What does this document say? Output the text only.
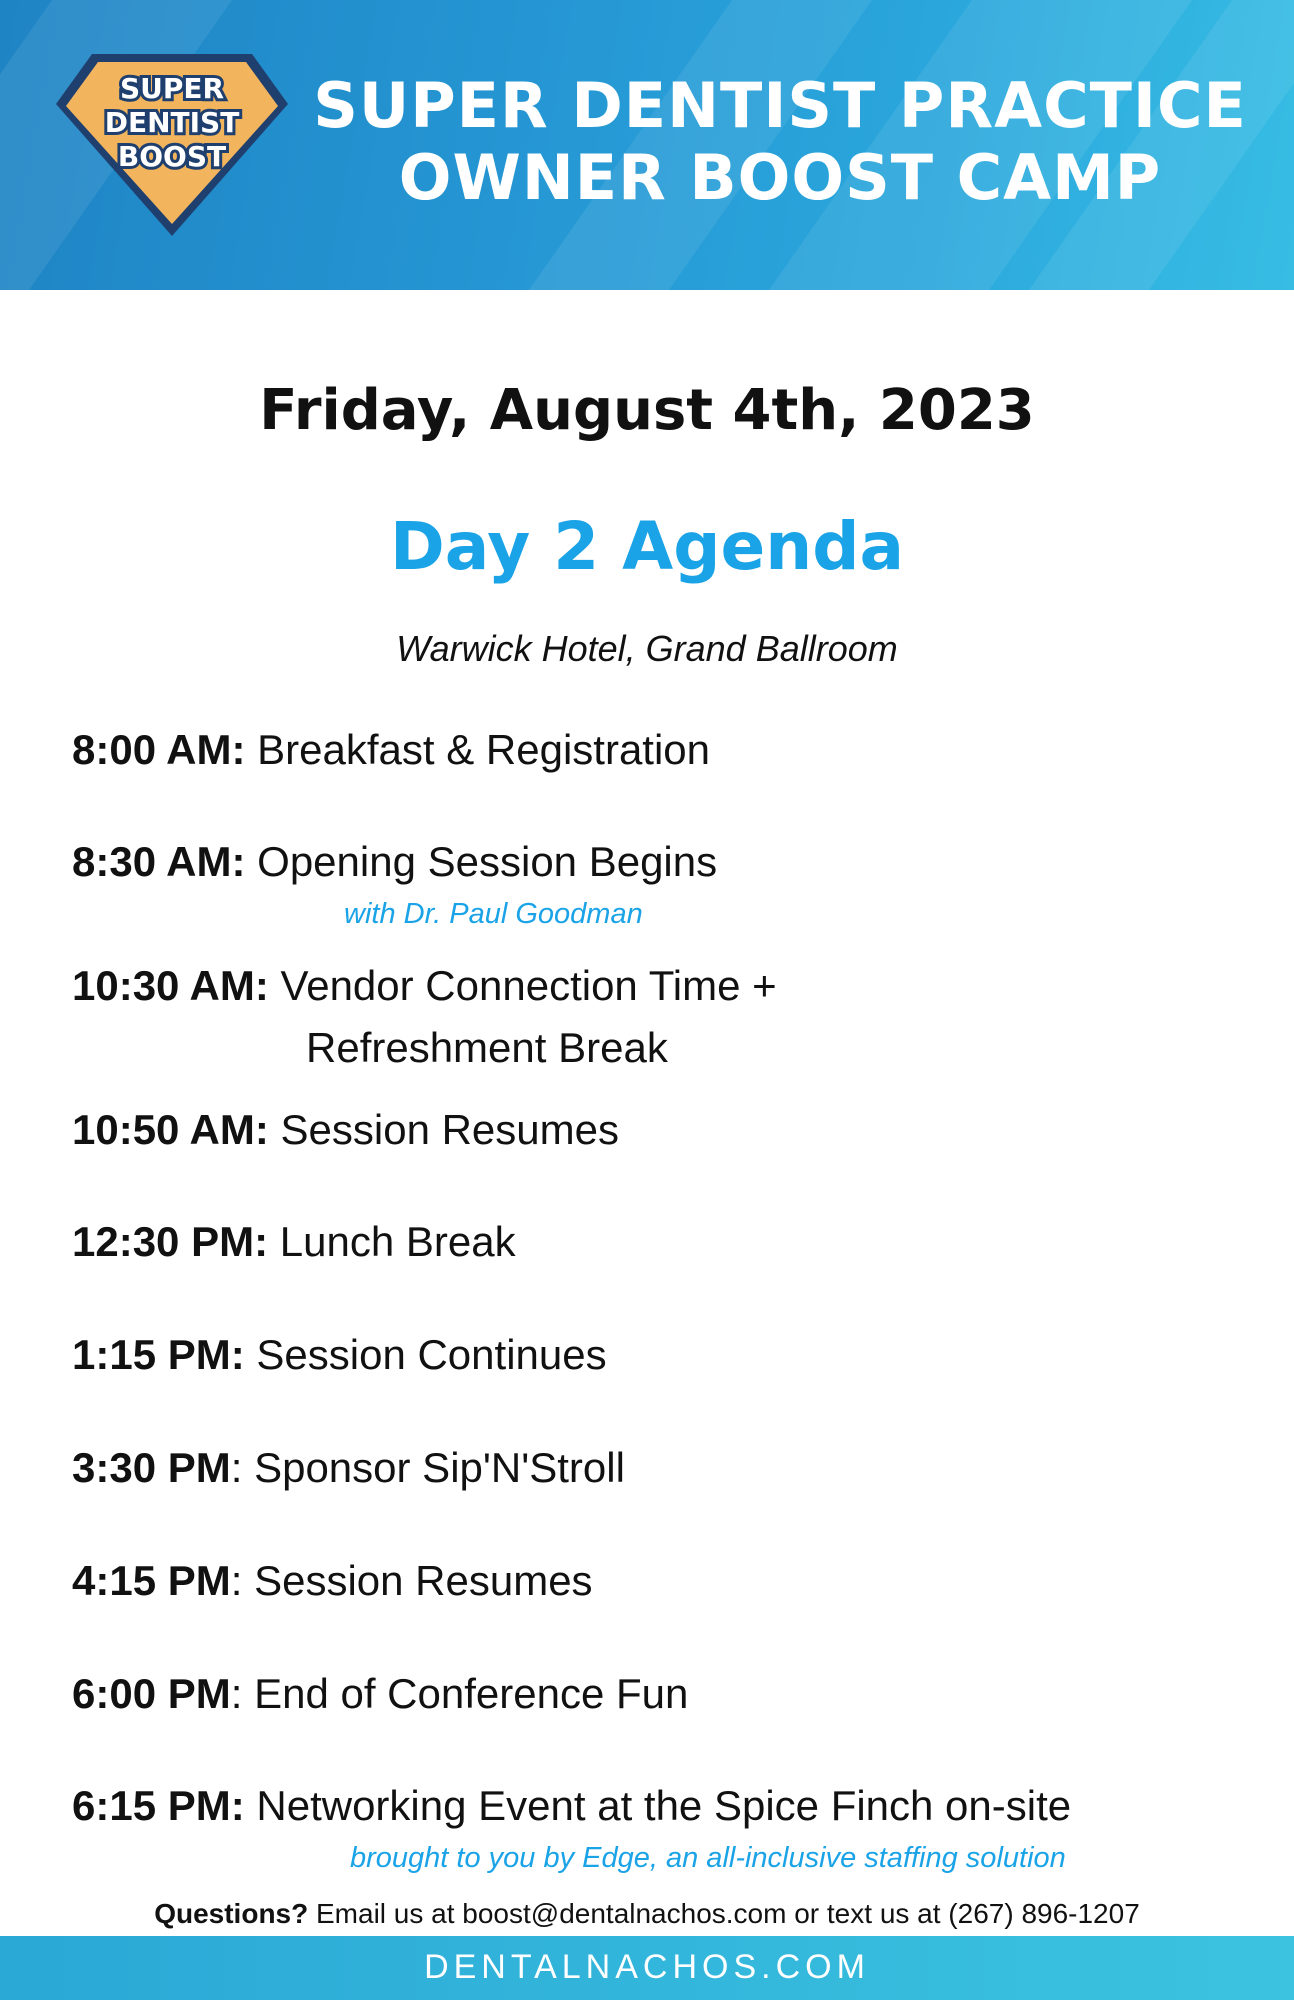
SUPER
DENTIST
BOOST
SUPER DENTIST PRACTICE
OWNER BOOST CAMP
Friday, August 4th, 2023
Day 2 Agenda
Warwick Hotel, Grand Ballroom
8:00 AM: Breakfast & Registration
8:30 AM: Opening Session Begins
with Dr. Paul Goodman
10:30 AM: Vendor Connection Time +
Refreshment Break
10:50 AM: Session Resumes
12:30 PM: Lunch Break
1:15 PM: Session Continues
3:30 PM: Sponsor Sip'N'Stroll
4:15 PM: Session Resumes
6:00 PM: End of Conference Fun
6:15 PM: Networking Event at the Spice Finch on-site
brought to you by Edge, an all-inclusive staffing solution
Questions? Email us at boost@dentalnachos.com or text us at (267) 896-1207
DENTALNACHOS.COM
